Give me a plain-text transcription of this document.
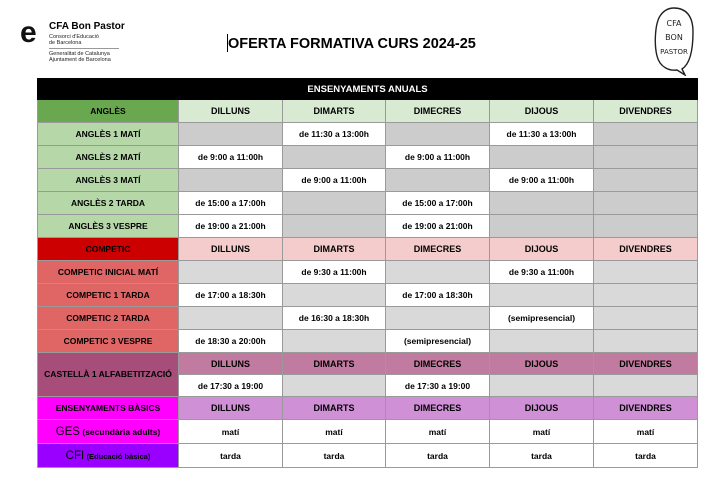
e	CFA Bon Pastor
Consorci d'Educació
de Barcelona
Generalitat de Catalunya
Ajuntament de Barcelona
OFERTA FORMATIVA CURS 2024-25
CFA
BON
PASTOR
ENSENYAMENTS ANUALS					
ANGLÈS	DILLUNS	DIMARTS	DIMECRES	DIJOUS	DIVENDRES
ANGLÈS 1 MATÍ		de 11:30 a 13:00h		de 11:30 a 13:00h	
ANGLÈS 2 MATÍ	de 9:00 a 11:00h		de 9:00 a 11:00h		
ANGLÈS 3 MATÍ		de 9:00 a 11:00h		de 9:00 a 11:00h	
ANGLÈS 2 TARDA	de 15:00 a 17:00h		de 15:00 a 17:00h		
ANGLÈS 3 VESPRE	de 19:00 a 21:00h		de 19:00 a 21:00h		
COMPETIC	DILLUNS	DIMARTS	DIMECRES	DIJOUS	DIVENDRES
COMPETIC INICIAL MATÍ		de 9:30 a 11:00h		de 9:30 a 11:00h	
COMPETIC 1 TARDA	de 17:00 a 18:30h		de 17:00 a 18:30h		
COMPETIC 2 TARDA		de 16:30 a 18:30h		(semipresencial)	
COMPETIC 3 VESPRE	de 18:30 a 20:00h		(semipresencial)		
CASTELLÀ 1 ALFABETITZACIÓ	DILLUNS	DIMARTS	DIMECRES	DIJOUS	DIVENDRES
	de 17:30 a 19:00		de 17:30 a 19:00		
ENSENYAMENTS BÀSICS	DILLUNS	DIMARTS	DIMECRES	DIJOUS	DIVENDRES
GES (secundària adults)	matí	matí	matí	matí	matí
CFI (Educació bàsica)	tarda	tarda	tarda	tarda	tarda
